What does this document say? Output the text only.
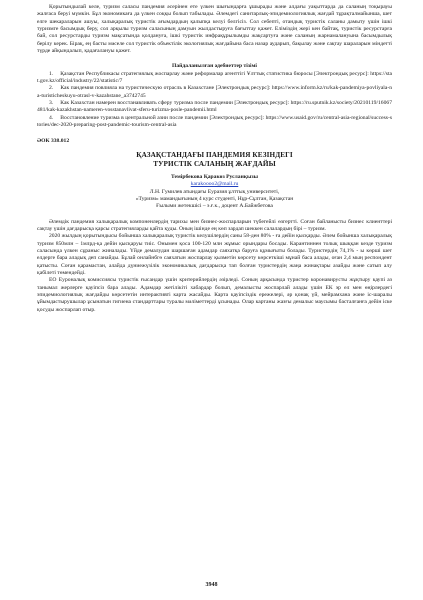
Қорытындылай келе, туризм саласы пандемия әсерінен ете үлкен шығындарға ұшырады және алдағы уақыттарда да саланың тоқырауы жалғаса беруі мүмкін. Бұл экономикаға да үлкен соққы болып табылады. Әлемдегі санитарлық-эпидемиологиялық жағдай тұрақталмайынша, шет елге шекараларын ашуы, халықаралық туристік ағымдардың қалыпқа келуі белгісіз. Сол себепті, отандық туристік саланы дамыту үшін ішкі туризмге басымдық беру, сол арқылы туризм саласының дамуын жылдастыруға бағыттау қажет. Еліміздің жері кен байтақ, туристік ресурстарға бай, сол ресурстарды туризм мақсатында қолдануға, ішкі туристік инфрақұрылымды жақсартуға және саланың жарнамалануына басымдылық берілу керек. Бірақ, ең басты мәселе сол туристік объектілік экологиялық жағдайына баса назар аударып, бақылау және сақтау шараларын міндетті түрде айқындалып, қадағалануы қажет.

Пайдаланылған әдебиеттер тізімі

1.  Қазақстан Республикасы стратегиялық жоспарлау және реформалар агенттігі Ұлттық статистика бюросы [Электрондық ресурс]: https://stat.gov.kz/official/industry/22/statistic/7

2.  Как пандемия повлияла на туристическую отрасль в Казахстане [Электрондық ресурс]: https://www.inform.kz/ru/kak-pandemiya-povliyala-na-turisticheskuyu-otrasl-v-kazahstane_a3742745

3.  Как Казахстан намерен восстанавливать сферу туризма после пандемии [Электрондық ресурс]: https://ru.sputnik.kz/society/20210119/16067481/kak-kazakhstan-nameren-vosstanavlivat-sferu-turizma-posle-pandemii.html

4.  Восстановление туризма в центральной азии после пандемии [Электрондық ресурс]: https://www.usaid.gov/ru/central-asia-regional/success-stories/dec-2020-preparing-post-pandemic-tourism-central-asia

ӘОК 338.012
ҚАЗАҚСТАНДАҒЫ ПАНДЕМИЯ КЕЗІНДЕГІ
ТУРИСТІК САЛАНЫҢ ЖАҒДАЙЫ
Темірбекова Қаракөз Русланқызы
karakoooo2@mail.ru
Л.Н. Гумилев атындағы Еуразия ұлттық университеті,
«Туризм» мамандығының 4 курс студенті, Нұр-Сұлтан, Қазақстан
Ғылыми жетекшісі – э.ғ.к., доцент А.Байжбетова

Әлемдік пандемия халықаралық компоненлердің тарихы мен бизнес-жоспарларын түбегейлі өзгертті. Соған байланысты бизнес клиенттері сақтау үшін дағдарысқа қарсы стратегияларды қайта қуды. Оның ішінде ең көп зардап шеккен салалардың бірі – туризм.

2020 жылдың қорытындысы бойынша халықаралық туристік келушілердің саны 58-ден 80% - ға дейін қысқарды. Әлем бойынша халықаралық туризм 850млн – 1млрд-қа дейін қысқаруы тиіс. Онымен қоса 100-120 млн жұмыс орындары босады. Карантиннен толық шыққан кезде туризм саласында үлкен сұраныс жиналады. Үйде демалудан шаршаған адамдар саяхатқа баруға құмығыты болады. Туристердің 74,1% - ы көрші шет елдерге бара аладық деп санайды. Бұлай онлайнбгө саяхатын жоспарлау қызметін көрсету көрсеткіші мұнай баса алады, оған 2,4 мың респондент қатысты. Соған қарамастан, алайда дүниежүзілік экономикалық дағдарысқа тап болған туристердің жаңа жинақтары азайды және сатып алу қабілеті төмендейді.

ЕО Еуроналық комиссиясы туристік ғысандар үшін критерийлердің әзірледі. Соның арқасында туристер коронавирусты жұқтыру қаупі аз танымал жерлерге қауіпсіз бара алады. Адамдар жетілікіті хабардар болып, демалысты жоспарлай алады үшін ЕК эр ел мен өңірлердегі эпидемиологиялық жағдайды көрсететін интерактивті карта жасайды. Карта қауіпсіздік ережелері, әр қонақ үй, мейрамханa және іс-шаралы ұйымдастырушылар ұсынатын гигиена стандарттары туралы мәліметтерді ұсынады. Олар картаны жазғы демалыс маусымы басталғанға дейін іске қосуды жоспарлап отыр.

3948
